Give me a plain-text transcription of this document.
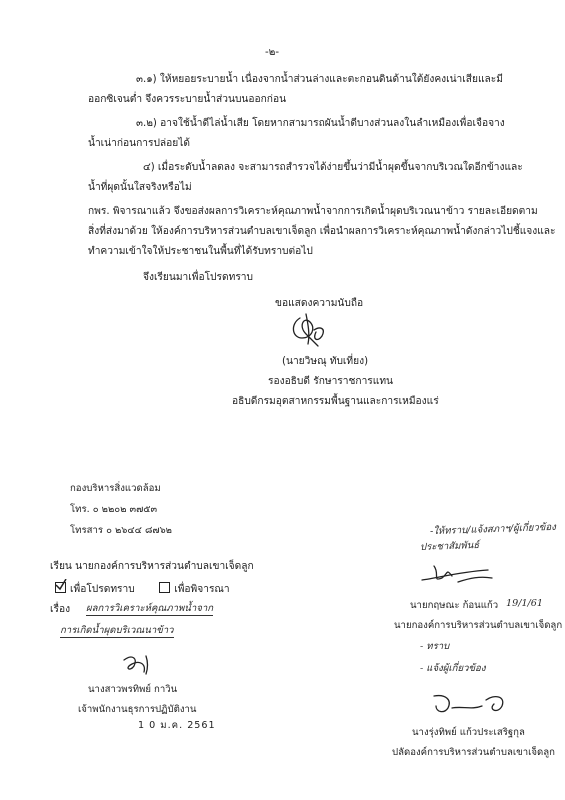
-๒-
๓.๑) ให้หยอยระบายน้ำ เนื่องจากน้ำส่วนล่างและตะกอนดินด้านใต้ยังคงเน่าเสียและมี
ออกซิเจนต่ำ จึงควรระบายน้ำส่วนบนออกก่อน
๓.๒) อาจใช้น้ำดีไล่น้ำเสีย โดยหากสามารถผันน้ำดีบางส่วนลงในลำเหมืองเพื่อเจือจาง
น้ำเน่าก่อนการปล่อยได้
๔) เมื่อระดับน้ำลดลง จะสามารถสำรวจได้ง่ายขึ้นว่ามีน้ำผุดขึ้นจากบริเวณใดอีกข้างและ
น้ำที่ผุดนั้นใสจริงหรือไม่
กพร. พิจารณาแล้ว จึงขอส่งผลการวิเคราะห์คุณภาพน้ำจากการเกิดน้ำผุดบริเวณนาข้าว รายละเอียดตาม
สิ่งที่ส่งมาด้วย ให้องค์การบริหารส่วนตำบลเขาเจ็ดลูก เพื่อนำผลการวิเคราะห์คุณภาพน้ำดังกล่าวไปชี้แจงและ
ทำความเข้าใจให้ประชาชนในพื้นที่ได้รับทราบต่อไป
จึงเรียนมาเพื่อโปรดทราบ
ขอแสดงความนับถือ
(นายวิษณุ ทับเที่ยง)
รองอธิบดี รักษาราชการแทน
อธิบดีกรมอุตสาหกรรมพื้นฐานและการเหมืองแร่
กองบริหารสิ่งแวดล้อม
โทร. ๐ ๒๒๐๒ ๓๗๕๓
โทรสาร ๐ ๒๖๔๔ ๘๗๖๒	-ให้ทราบ/แจ้งสภาฯ/ผู้เกี่ยวข้อง
ประชาสัมพันธ์
เรียน นายกองค์การบริหารส่วนตำบลเขาเจ็ดลูก
เพื่อโปรดทราบ	เพื่อพิจารณา
เรื่อง ผลการวิเคราะห์คุณภาพน้ำจาก
การเกิดน้ำผุดบริเวณนาข้าว
นางสาวพรทิพย์ กาวิน
เจ้าพนักงานธุรการปฏิบัติงาน
1 0 ม.ค. 2561
นายกฤษณะ ก้อนแก้ว 19/1/61
นายกองค์การบริหารส่วนตำบลเขาเจ็ดลูก
- ทราบ
- แจ้งผู้เกี่ยวข้อง
นางรุ่งทิพย์ แก้วประเสริฐกุล
ปลัดองค์การบริหารส่วนตำบลเขาเจ็ดลูก
